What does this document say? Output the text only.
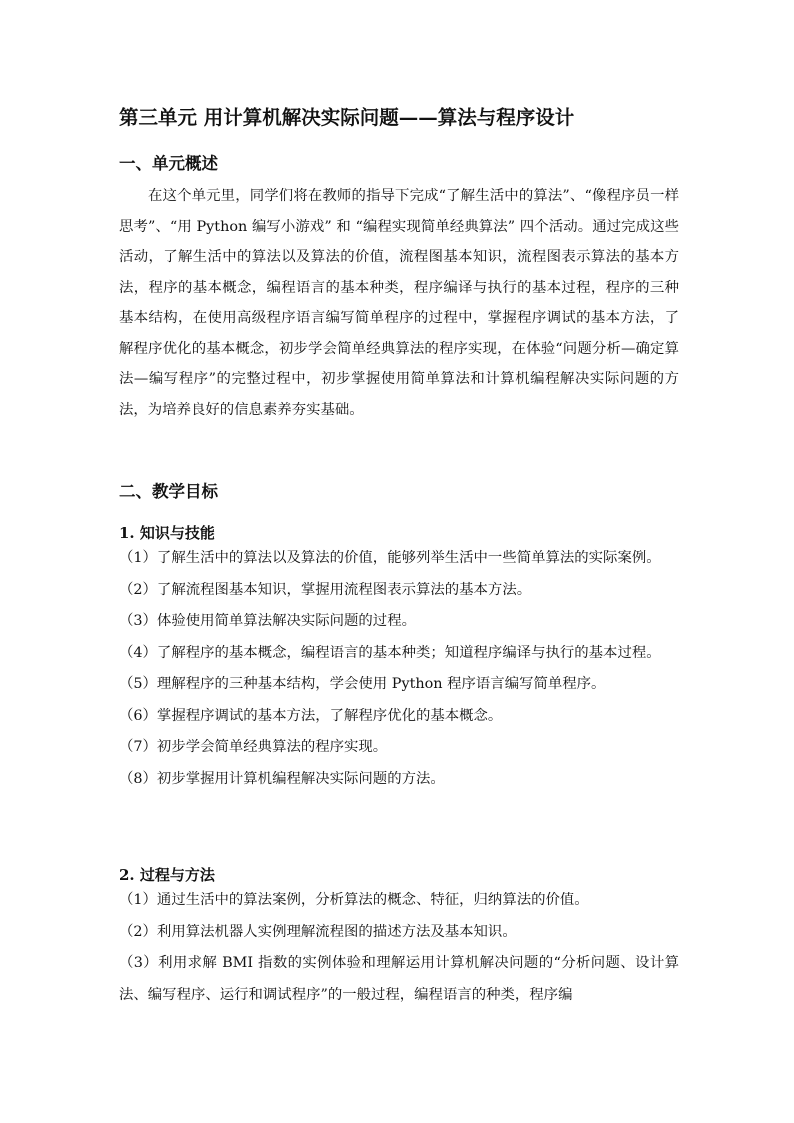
第三单元 用计算机解决实际问题——算法与程序设计
一、单元概述

在这个单元里，同学们将在教师的指导下完成“了解生活中的算法”、“像程序员一样思考”、“用 Python 编写小游戏” 和 “编程实现简单经典算法” 四个活动。通过完成这些活动，了解生活中的算法以及算法的价值，流程图基本知识，流程图表示算法的基本方法，程序的基本概念，编程语言的基本种类，程序编译与执行的基本过程，程序的三种基本结构，在使用高级程序语言编写简单程序的过程中，掌握程序调试的基本方法，了解程序优化的基本概念，初步学会简单经典算法的程序实现，在体验“问题分析—确定算法—编写程序”的完整过程中，初步掌握使用简单算法和计算机编程解决实际问题的方法，为培养良好的信息素养夯实基础。

二、教学目标
1. 知识与技能
（1）了解生活中的算法以及算法的价值，能够列举生活中一些简单算法的实际案例。
（2）了解流程图基本知识，掌握用流程图表示算法的基本方法。
（3）体验使用简单算法解决实际问题的过程。
（4）了解程序的基本概念，编程语言的基本种类；知道程序编译与执行的基本过程。
（5）理解程序的三种基本结构，学会使用 Python 程序语言编写简单程序。
（6）掌握程序调试的基本方法，了解程序优化的基本概念。
（7）初步学会简单经典算法的程序实现。
（8）初步掌握用计算机编程解决实际问题的方法。
2. 过程与方法
（1）通过生活中的算法案例，分析算法的概念、特征，归纳算法的价值。
（2）利用算法机器人实例理解流程图的描述方法及基本知识。
（3）利用求解 BMI 指数的实例体验和理解运用计算机解决问题的“分析问题、设计算法、编写程序、运行和调试程序”的一般过程，编程语言的种类，程序编
